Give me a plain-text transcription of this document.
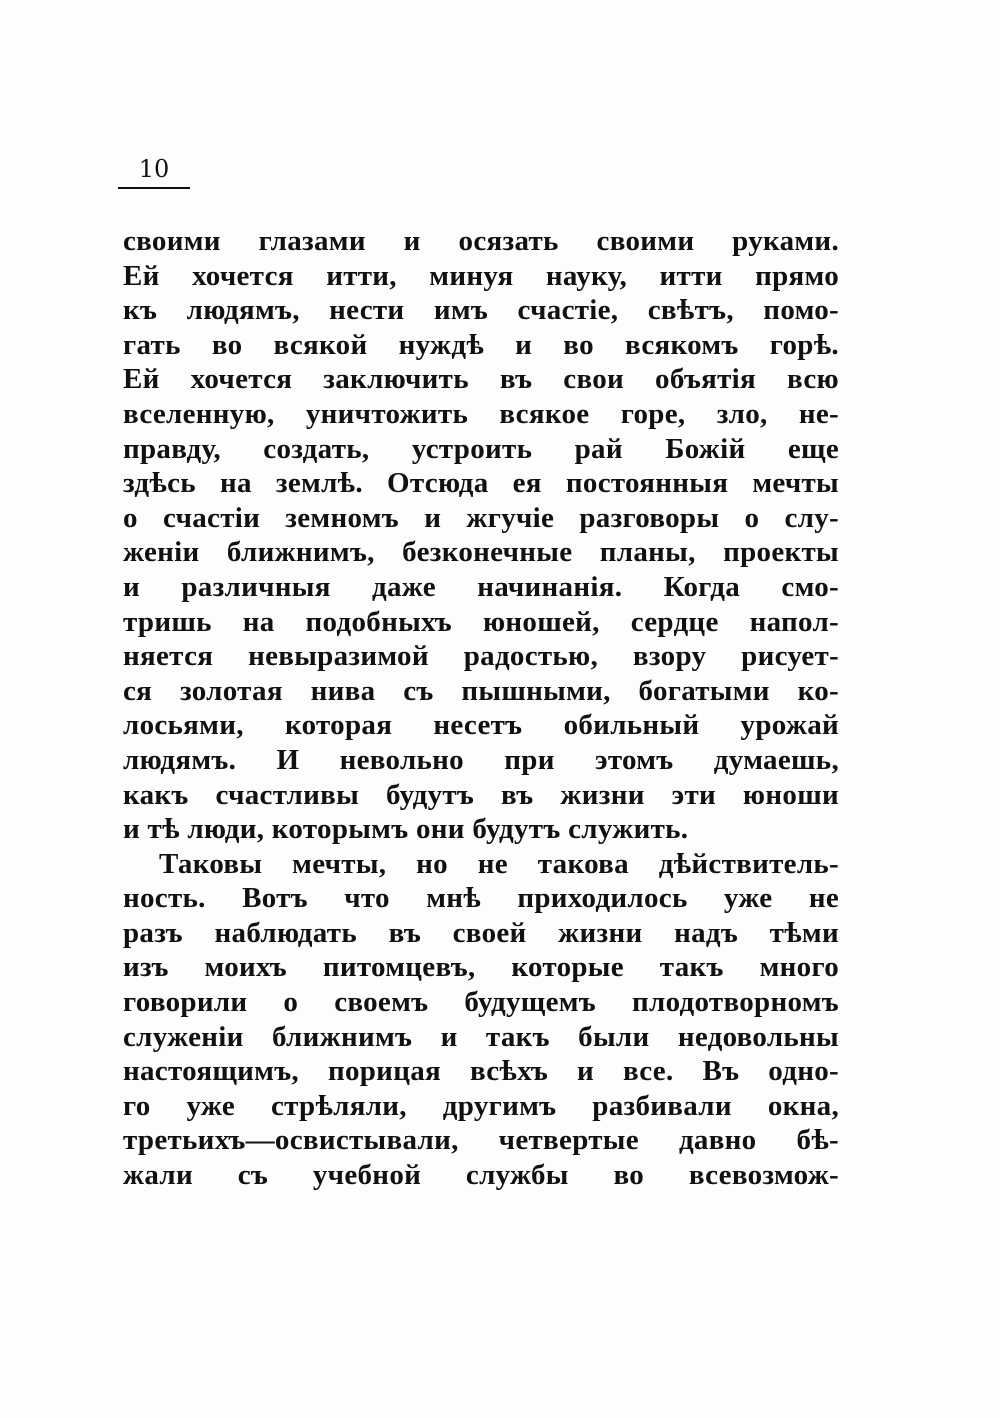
10
своими глазами и осязать своими руками.
Ей хочется итти, минуя науку, итти прямо
къ людямъ, нести имъ счастіе, свѣтъ, помо-
гать во всякой нуждѣ и во всякомъ горѣ.
Ей хочется заключить въ свои объятія всю
вселенную, уничтожить всякое горе, зло, не-
правду, создать, устроить рай Божій еще
здѣсь на землѣ. Отсюда ея постоянныя мечты
о счастіи земномъ и жгучіе разговоры о слу-
женіи ближнимъ, безконечные планы, проекты
и различныя даже начинанія. Когда смо-
тришь на подобныхъ юношей, сердце напол-
няется невыразимой радостью, взору рисует-
ся золотая нива съ пышными, богатыми ко-
лосьями, которая несетъ обильный урожай
людямъ. И невольно при этомъ думаешь,
какъ счастливы будутъ въ жизни эти юноши
и тѣ люди, которымъ они будутъ служить.
Таковы мечты, но не такова дѣйствитель-
ность. Вотъ что мнѣ приходилось уже не
разъ наблюдать въ своей жизни надъ тѣми
изъ моихъ питомцевъ, которые такъ много
говорили о своемъ будущемъ плодотворномъ
служеніи ближнимъ и такъ были недовольны
настоящимъ, порицая всѣхъ и все. Въ одно-
го уже стрѣляли, другимъ разбивали окна,
третьихъ—освистывали, четвертые давно бѣ-
жали съ учебной службы во всевозмож-
